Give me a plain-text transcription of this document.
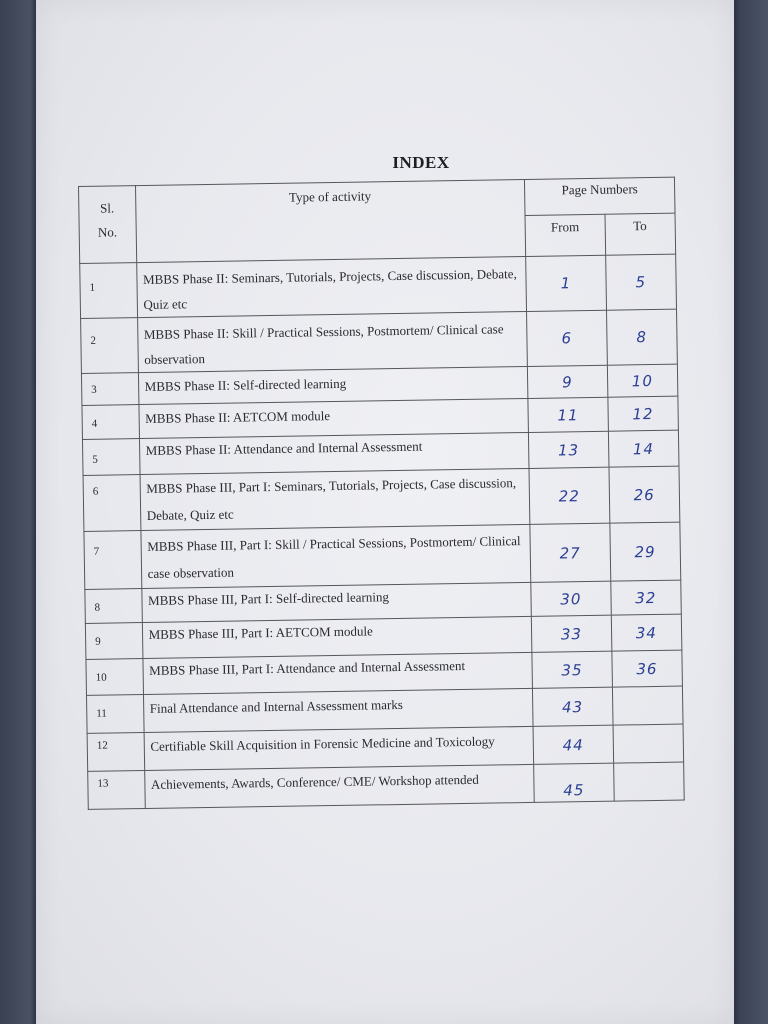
INDEX
Sl.
No.	Type of activity	Page Numbers	
		From	To
1	MBBS Phase II: Seminars, Tutorials, Projects, Case discussion, Debate, Quiz etc	1	5
2	MBBS Phase II: Skill / Practical Sessions, Postmortem/ Clinical case observation	6	8
3	MBBS Phase II: Self-directed learning	9	10
4	MBBS Phase II: AETCOM module	11	12
5	MBBS Phase II: Attendance and Internal Assessment	13	14
6	MBBS Phase III, Part I: Seminars, Tutorials, Projects, Case discussion, Debate, Quiz etc	22	26
7	MBBS Phase III, Part I: Skill / Practical Sessions, Postmortem/ Clinical case observation	27	29
8	MBBS Phase III, Part I: Self-directed learning	30	32
9	MBBS Phase III, Part I: AETCOM module	33	34
10	MBBS Phase III, Part I: Attendance and Internal Assessment	35	36
11	Final Attendance and Internal Assessment marks	43	
12	Certifiable Skill Acquisition in Forensic Medicine and Toxicology	44	
13	Achievements, Awards, Conference/ CME/ Workshop attended	45	
